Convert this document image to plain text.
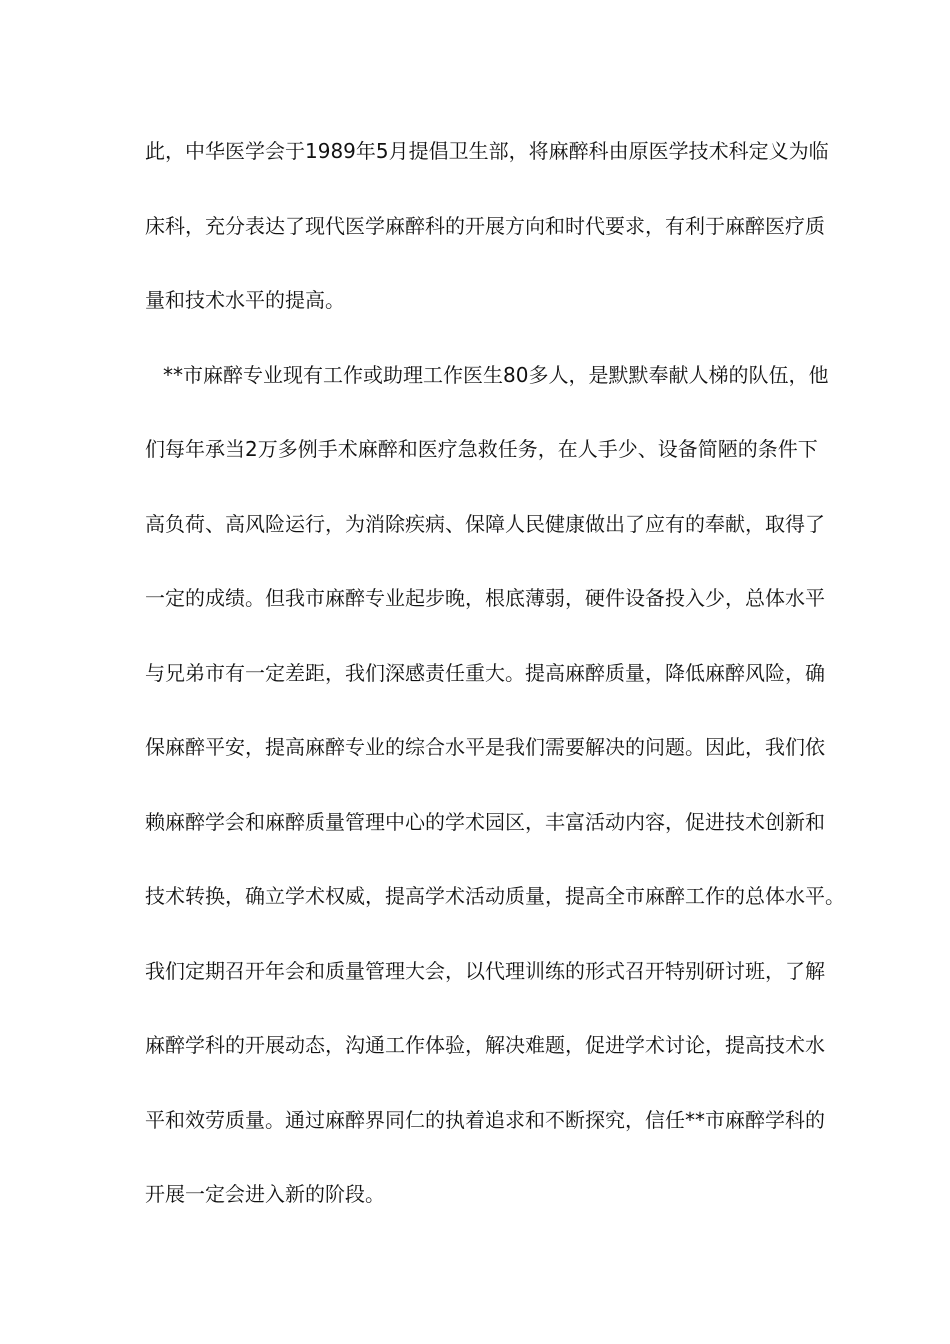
此，中华医学会于1989年5月提倡卫生部，将麻醉科由原医学技术科定义为临
床科，充分表达了现代医学麻醉科的开展方向和时代要求，有利于麻醉医疗质
量和技术水平的提高。
**市麻醉专业现有工作或助理工作医生80多人，是默默奉献人梯的队伍，他
们每年承当2万多例手术麻醉和医疗急救任务，在人手少、设备简陋的条件下
高负荷、高风险运行，为消除疾病、保障人民健康做出了应有的奉献，取得了
一定的成绩。但我市麻醉专业起步晚，根底薄弱，硬件设备投入少，总体水平
与兄弟市有一定差距，我们深感责任重大。提高麻醉质量，降低麻醉风险，确
保麻醉平安，提高麻醉专业的综合水平是我们需要解决的问题。因此，我们依
赖麻醉学会和麻醉质量管理中心的学术园区，丰富活动内容，促进技术创新和
技术转换，确立学术权威，提高学术活动质量，提高全市麻醉工作的总体水平。
我们定期召开年会和质量管理大会，以代理训练的形式召开特别研讨班，了解
麻醉学科的开展动态，沟通工作体验，解决难题，促进学术讨论，提高技术水
平和效劳质量。通过麻醉界同仁的执着追求和不断探究，信任**市麻醉学科的
开展一定会进入新的阶段。
